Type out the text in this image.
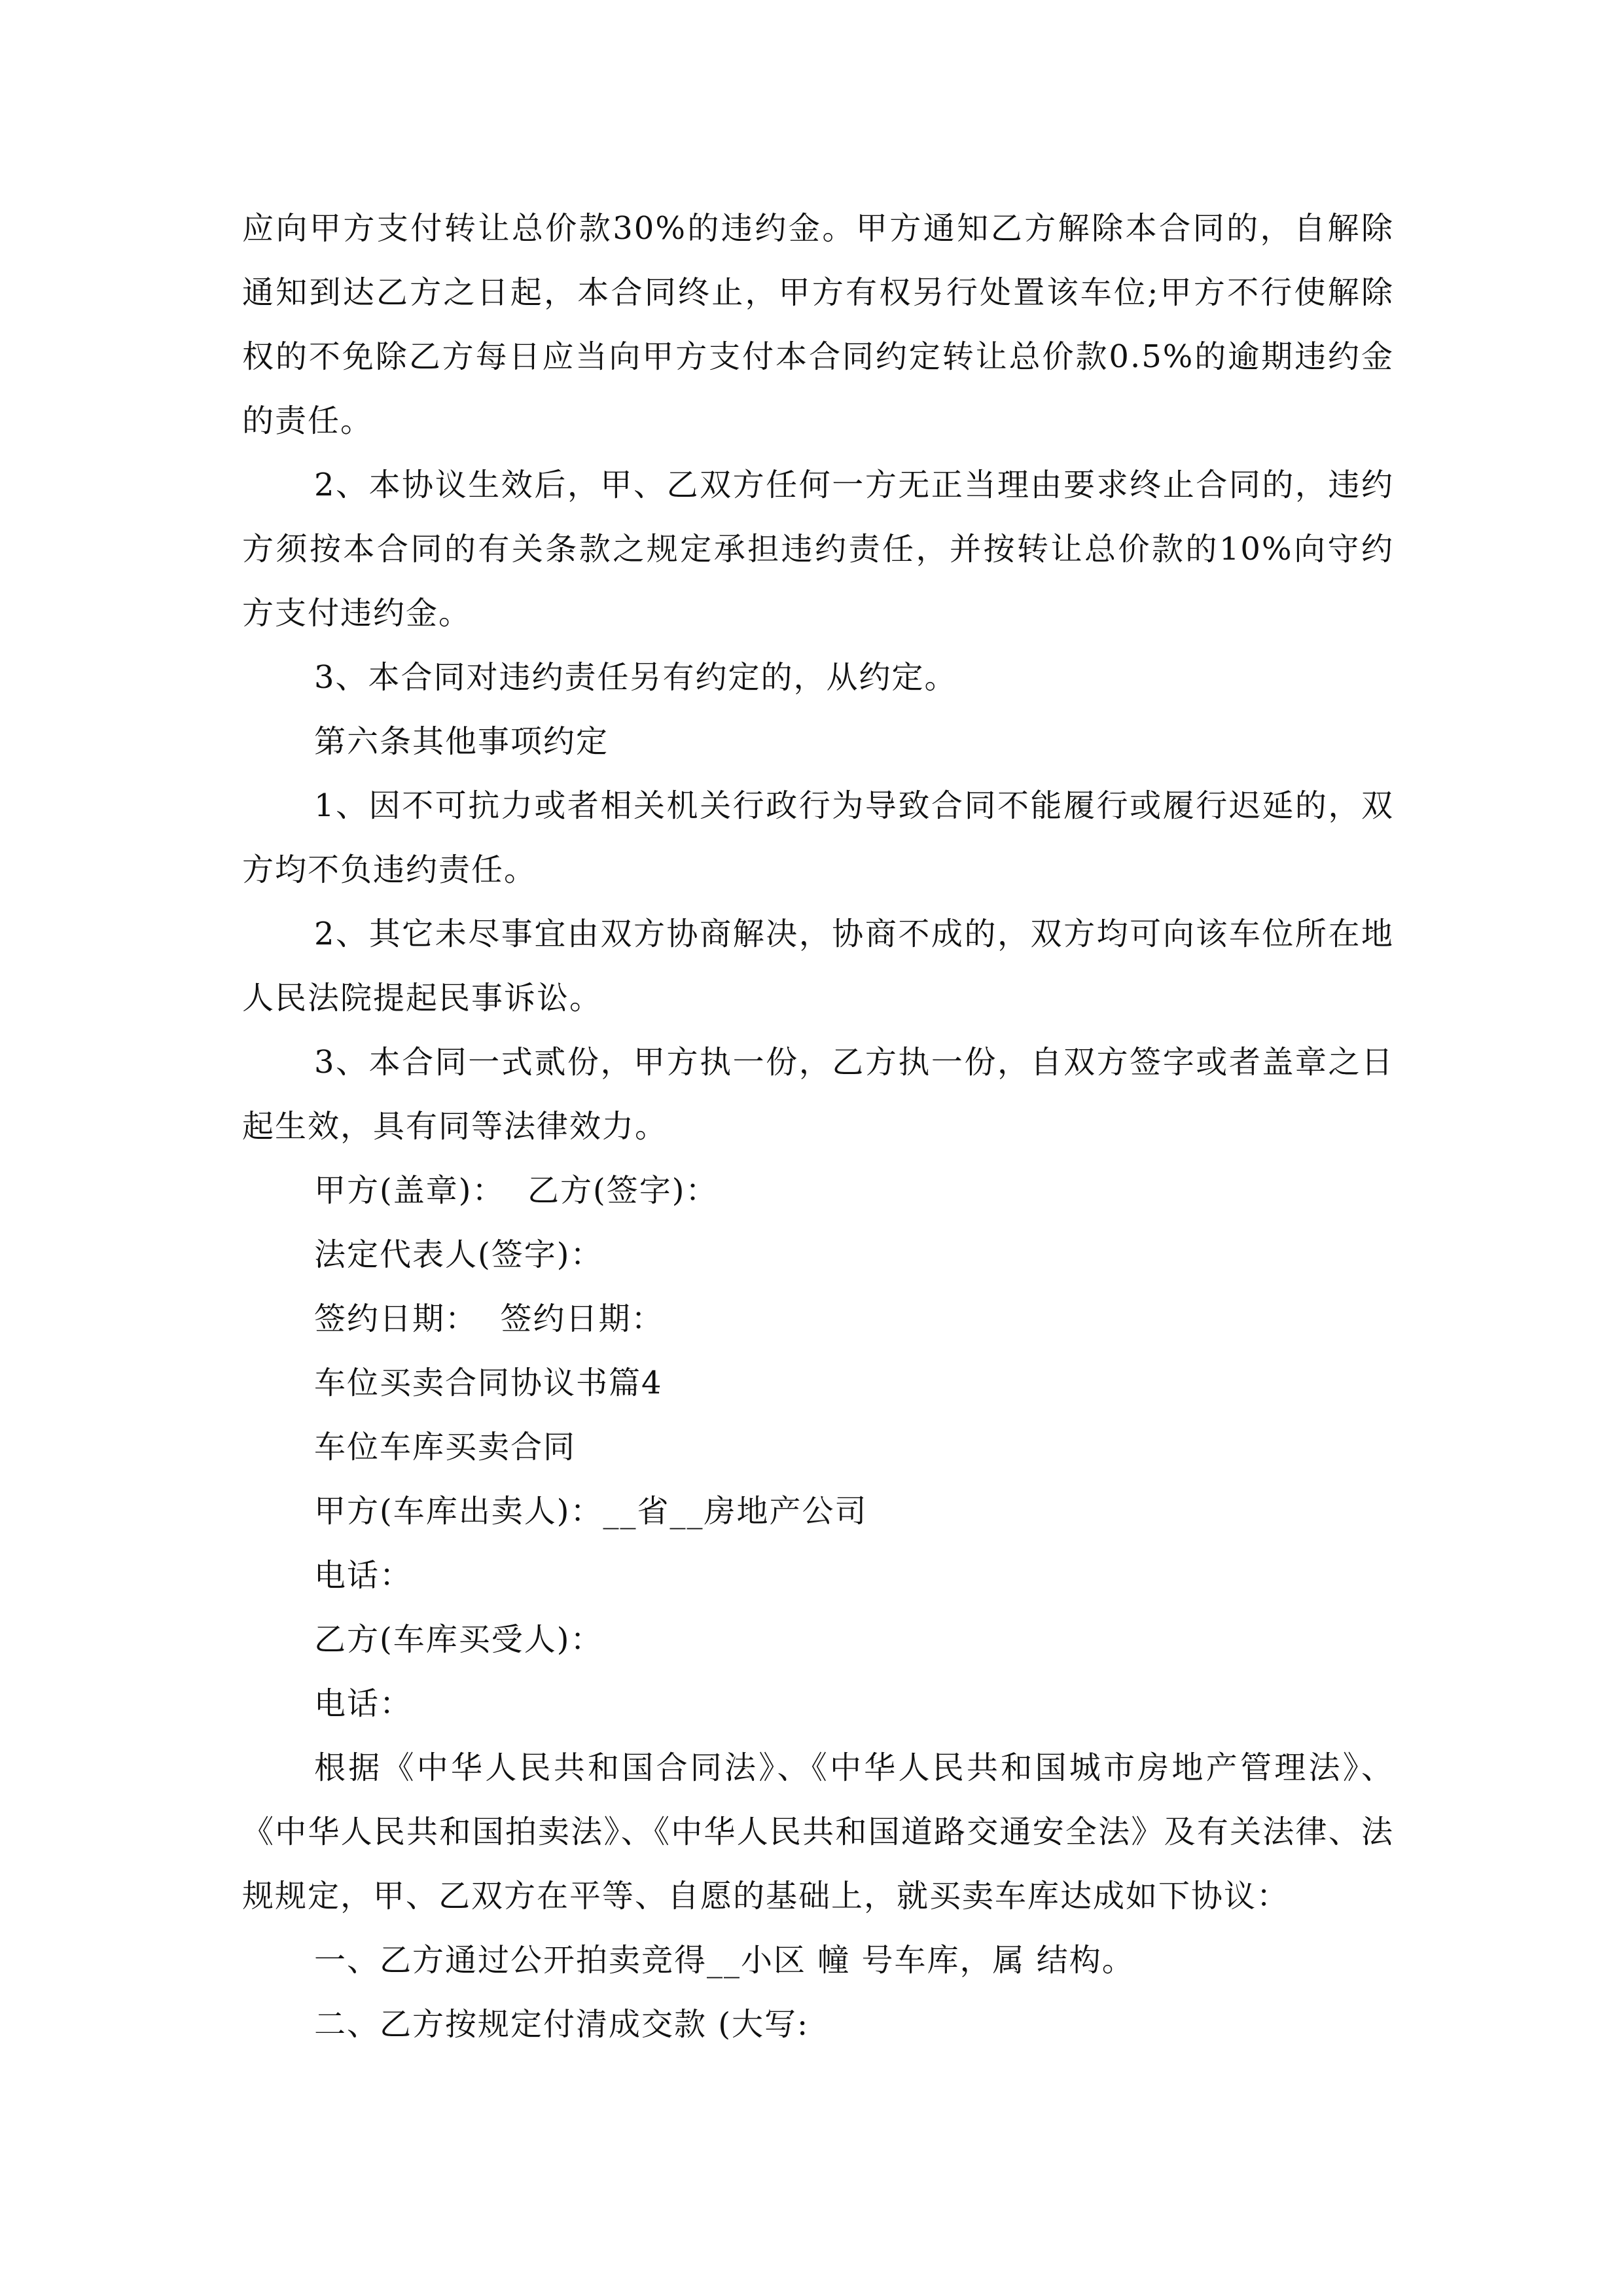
应向甲方支付转让总价款30%的违约金。甲方通知乙方解除本合同的，自解除通知到达乙方之日起，本合同终止，甲方有权另行处置该车位;甲方不行使解除权的不免除乙方每日应当向甲方支付本合同约定转让总价款0.5%的逾期违约金的责任。

2、本协议生效后，甲、乙双方任何一方无正当理由要求终止合同的，违约方须按本合同的有关条款之规定承担违约责任，并按转让总价款的10%向守约方支付违约金。

3、本合同对违约责任另有约定的，从约定。

第六条其他事项约定

1、因不可抗力或者相关机关行政行为导致合同不能履行或履行迟延的，双方均不负违约责任。

2、其它未尽事宜由双方协商解决，协商不成的，双方均可向该车位所在地人民法院提起民事诉讼。

3、本合同一式贰份，甲方执一份，乙方执一份，自双方签字或者盖章之日起生效，具有同等法律效力。

甲方(盖章)：  乙方(签字)：

法定代表人(签字)：

签约日期：  签约日期：

车位买卖合同协议书篇4

车位车库买卖合同

甲方(车库出卖人)：__省__房地产公司

电话：

乙方(车库买受人)：

电话：

根据《中华人民共和国合同法》、《中华人民共和国城市房地产管理法》、《中华人民共和国拍卖法》、《中华人民共和国道路交通安全法》及有关法律、法规规定，甲、乙双方在平等、自愿的基础上，就买卖车库达成如下协议：

一、乙方通过公开拍卖竞得__小区 幢 号车库，属 结构。

二、乙方按规定付清成交款 (大写:
